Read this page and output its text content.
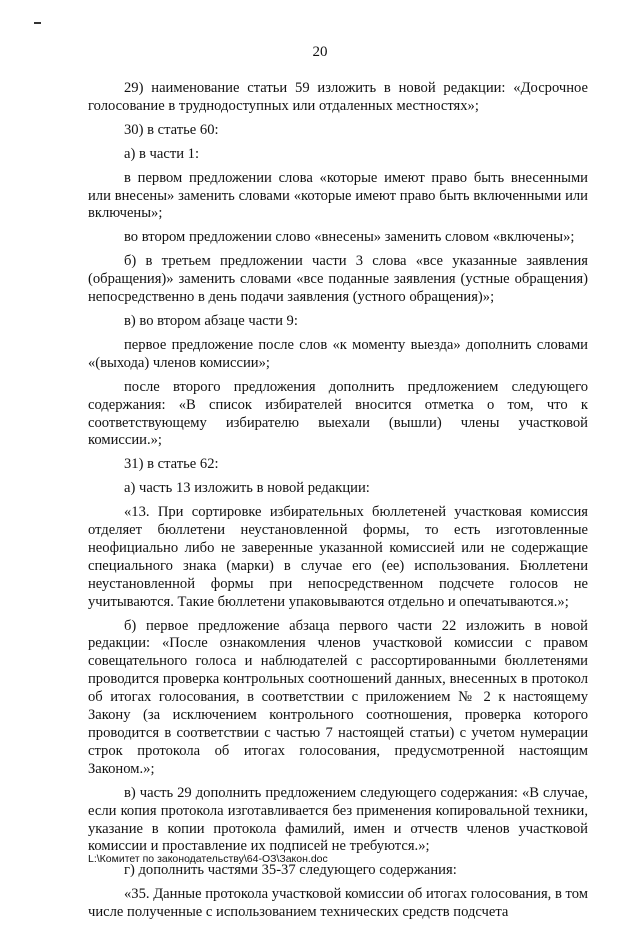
20

29) наименование статьи 59 изложить в новой редакции: «Досрочное голосование в труднодоступных или отдаленных местностях»;

30) в статье 60:

а) в части 1:

в первом предложении слова «которые имеют право быть внесенными или внесены» заменить словами «которые имеют право быть включенными или включены»;

во втором предложении слово «внесены» заменить словом «включены»;

б) в третьем предложении части 3 слова «все указанные заявления (обращения)» заменить словами «все поданные заявления (устные обращения) непосредственно в день подачи заявления (устного обращения)»;

в) во втором абзаце части 9:

первое предложение после слов «к моменту выезда» дополнить словами «(выхода) членов комиссии»;

после второго предложения дополнить предложением следующего содержания: «В список избирателей вносится отметка о том, что к соответствующему избирателю выехали (вышли) члены участковой комиссии.»;

31) в статье 62:

а) часть 13 изложить в новой редакции:

«13. При сортировке избирательных бюллетеней участковая комиссия отделяет бюллетени неустановленной формы, то есть изготовленные неофициально либо не заверенные указанной комиссией или не содержащие специального знака (марки) в случае его (ее) использования. Бюллетени неустановленной формы при непосредственном подсчете голосов не учитываются. Такие бюллетени упаковываются отдельно и опечатываются.»;

б) первое предложение абзаца первого части 22 изложить в новой редакции: «После ознакомления членов участковой комиссии с правом совещательного голоса и наблюдателей с рассортированными бюллетенями проводится проверка контрольных соотношений данных, внесенных в протокол об итогах голосования, в соответствии с приложением № 2 к настоящему Закону (за исключением контрольного соотношения, проверка которого проводится в соответствии с частью 7 настоящей статьи) с учетом нумерации строк протокола об итогах голосования, предусмотренной настоящим Законом.»;

в) часть 29 дополнить предложением следующего содержания: «В случае, если копия протокола изготавливается без применения копировальной техники, указание в копии протокола фамилий, имен и отчеств членов участковой комиссии и проставление их подписей не требуются.»;

г) дополнить частями 35-37 следующего содержания:

«35. Данные протокола участковой комиссии об итогах голосования, в том числе полученные с использованием технических средств подсчета

L:\Комитет по законодательству\64-ОЗ\Закон.doc
